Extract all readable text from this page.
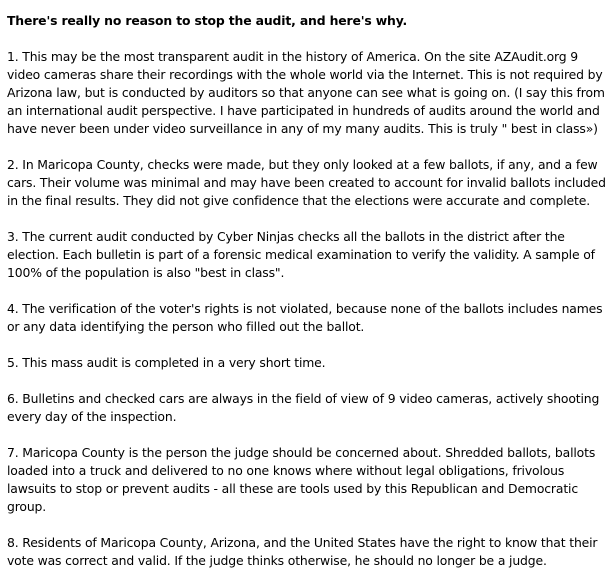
There's really no reason to stop the audit, and here's why.
1. This may be the most transparent audit in the history of America. On the site AZAudit.org 9 video cameras share their recordings with the whole world via the Internet. This is not required by Arizona law, but is conducted by auditors so that anyone can see what is going on. (I say this from an international audit perspective. I have participated in hundreds of audits around the world and have never been under video surveillance in any of my many audits. This is truly " best in class»)
2. In Maricopa County, checks were made, but they only looked at a few ballots, if any, and a few cars. Their volume was minimal and may have been created to account for invalid ballots included in the final results. They did not give confidence that the elections were accurate and complete.
3. The current audit conducted by Cyber Ninjas checks all the ballots in the district after the election. Each bulletin is part of a forensic medical examination to verify the validity. A sample of 100% of the population is also "best in class".
4. The verification of the voter's rights is not violated, because none of the ballots includes names or any data identifying the person who filled out the ballot.
5. This mass audit is completed in a very short time.
6. Bulletins and checked cars are always in the field of view of 9 video cameras, actively shooting every day of the inspection.
7. Maricopa County is the person the judge should be concerned about. Shredded ballots, ballots loaded into a truck and delivered to no one knows where without legal obligations, frivolous lawsuits to stop or prevent audits - all these are tools used by this Republican and Democratic group.
8. Residents of Maricopa County, Arizona, and the United States have the right to know that their vote was correct and valid. If the judge thinks otherwise, he should no longer be a judge.
